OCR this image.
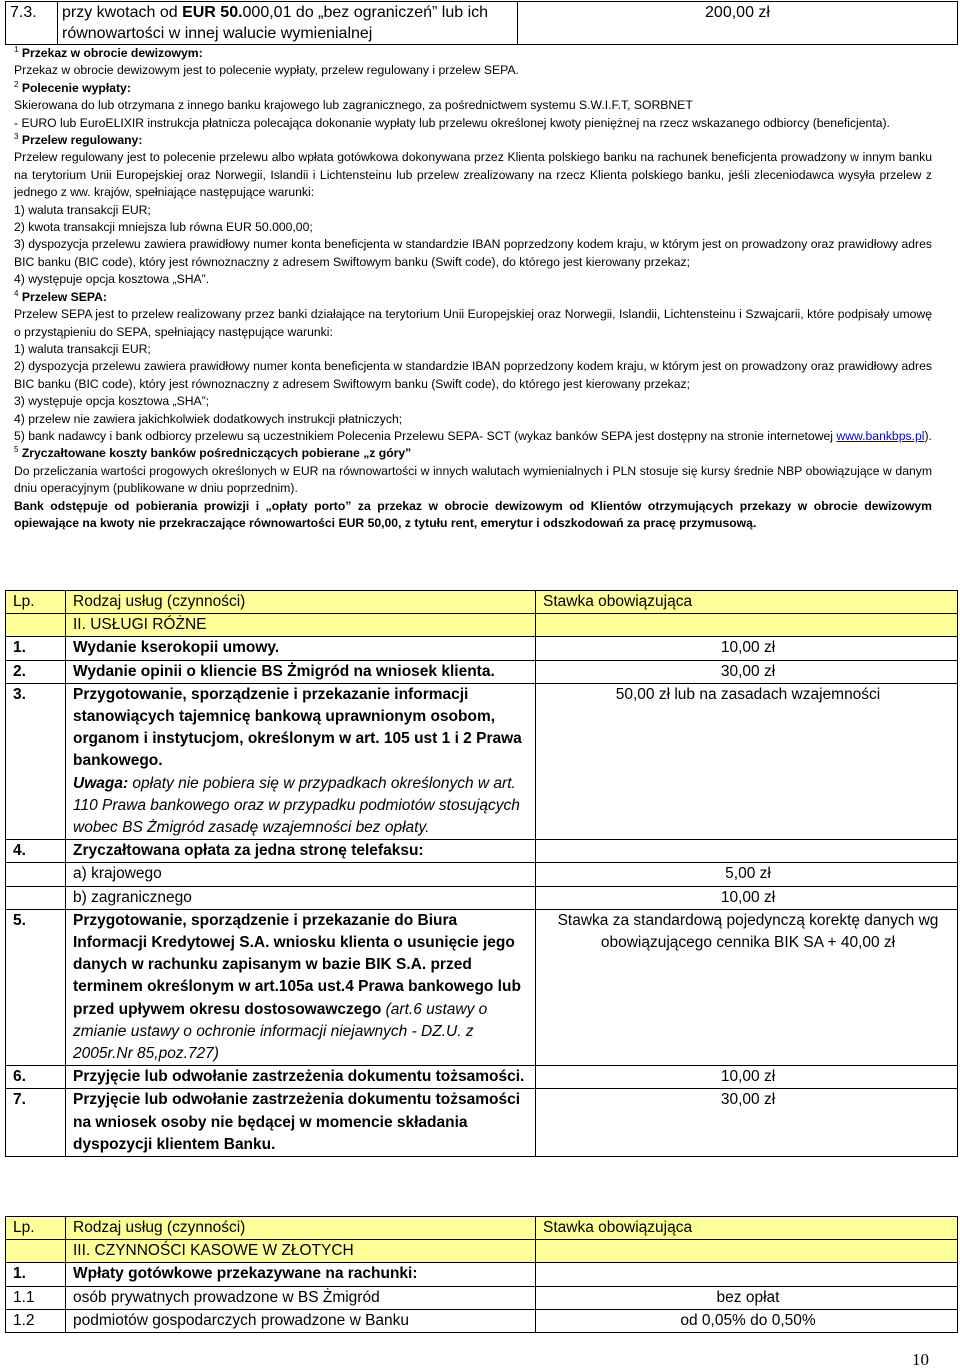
7.3.	przy kwotach od EUR 50.000,01 do „bez ograniczeń” lub ich
równowartości w innej walucie wymienialnej	200,00 zł

$^1$ Przekaz w obrocie dewizowym:

Przekaz w obrocie dewizowym jest to polecenie wypłaty, przelew regulowany i przelew SEPA.

$^2$ Polecenie wypłaty:

Skierowana do lub otrzymana z innego banku krajowego lub zagranicznego, za pośrednictwem systemu S.W.I.F.T, SORBNET

- EURO lub EuroELIXIR instrukcja płatnicza polecająca dokonanie wypłaty lub przelewu określonej kwoty pieniężnej na rzecz wskazanego odbiorcy (beneficjenta).

$^3$ Przelew regulowany:

Przelew regulowany jest to polecenie przelewu albo wpłata gotówkowa dokonywana przez Klienta polskiego banku na rachunek beneficjenta prowadzony w innym banku na terytorium Unii Europejskiej oraz Norwegii, Islandii i Lichtensteinu lub przelew zrealizowany na rzecz Klienta polskiego banku, jeśli zleceniodawca wysyła przelew z jednego z ww. krajów, spełniające następujące warunki:

1) waluta transakcji EUR;

2) kwota transakcji mniejsza lub równa EUR 50.000,00;

3) dyspozycja przelewu zawiera prawidłowy numer konta beneficjenta w standardzie IBAN poprzedzony kodem kraju, w którym jest on prowadzony oraz prawidłowy adres BIC banku (BIC code), który jest równoznaczny z adresem Swiftowym banku (Swift code), do którego jest kierowany przekaz;

4) występuje opcja kosztowa „SHA”.

$^4$ Przelew SEPA:

Przelew SEPA jest to przelew realizowany przez banki działające na terytorium Unii Europejskiej oraz Norwegii, Islandii, Lichtensteinu i Szwajcarii, które podpisały umowę o przystąpieniu do SEPA, spełniający następujące warunki:

1) waluta transakcji EUR;

2) dyspozycja przelewu zawiera prawidłowy numer konta beneficjenta w standardzie IBAN poprzedzony kodem kraju, w którym jest on prowadzony oraz prawidłowy adres BIC banku (BIC code), który jest równoznaczny z adresem Swiftowym banku (Swift code), do którego jest kierowany przekaz;

3) występuje opcja kosztowa „SHA”;

4) przelew nie zawiera jakichkolwiek dodatkowych instrukcji płatniczych;

5) bank nadawcy i bank odbiorcy przelewu są uczestnikiem Polecenia Przelewu SEPA- SCT (wykaz banków SEPA jest dostępny na stronie internetowej www.bankbps.pl).

$^5$ Zryczałtowane koszty banków pośredniczących pobierane „z góry”

Do przeliczania wartości progowych określonych w EUR na równowartości w innych walutach wymienialnych i PLN stosuje się kursy średnie NBP obowiązujące w danym dniu operacyjnym (publikowane w dniu poprzednim).

Bank odstępuje od pobierania prowizji i „opłaty porto” za przekaz w obrocie dewizowym od Klientów otrzymujących przekazy w obrocie dewizowym opiewające na kwoty nie przekraczające równowartości EUR 50,00, z tytułu rent, emerytur i odszkodowań za pracę przymusową.

Lp.	Rodzaj usług (czynności)	Stawka obowiązująca
	II. USŁUGI RÓŻNE	
1.	Wydanie kserokopii umowy.	10,00 zł
2.	Wydanie opinii o kliencie BS Żmigród na wniosek klienta.	30,00 zł
3.	Przygotowanie, sporządzenie i przekazanie informacji stanowiących tajemnicę bankową uprawnionym osobom, organom i instytucjom, określonym w art. 105 ust 1 i 2 Prawa bankowego.
Uwaga: opłaty nie pobiera się w przypadkach określonych w art. 110 Prawa bankowego oraz w przypadku podmiotów stosujących wobec BS Żmigród zasadę wzajemności bez opłaty.	50,00 zł lub na zasadach wzajemności
4.	Zryczałtowana opłata za jedna stronę telefaksu:	
	a) krajowego	5,00 zł
	b) zagranicznego	10,00 zł
5.	Przygotowanie, sporządzenie i przekazanie do Biura Informacji Kredytowej S.A. wniosku klienta o usunięcie jego danych w rachunku zapisanym w bazie BIK S.A. przed terminem określonym w art.105a ust.4 Prawa bankowego lub przed upływem okresu dostosowawczego (art.6 ustawy o zmianie ustawy o ochronie informacji niejawnych - DZ.U. z 2005r.Nr 85,poz.727)	Stawka za standardową pojedynczą korektę danych wg obowiązującego cennika BIK SA + 40,00 zł
6.	Przyjęcie lub odwołanie zastrzeżenia dokumentu tożsamości.	10,00 zł
7.	Przyjęcie lub odwołanie zastrzeżenia dokumentu tożsamości na wniosek osoby nie będącej w momencie składania dyspozycji klientem Banku.	30,00 zł
Lp.	Rodzaj usług (czynności)	Stawka obowiązująca
	III. CZYNNOŚCI KASOWE W ZŁOTYCH	
1.	Wpłaty gotówkowe przekazywane na rachunki:	
1.1	osób prywatnych prowadzone w BS Żmigród	bez opłat
1.2	podmiotów gospodarczych prowadzone w Banku	od 0,05% do 0,50%
10
